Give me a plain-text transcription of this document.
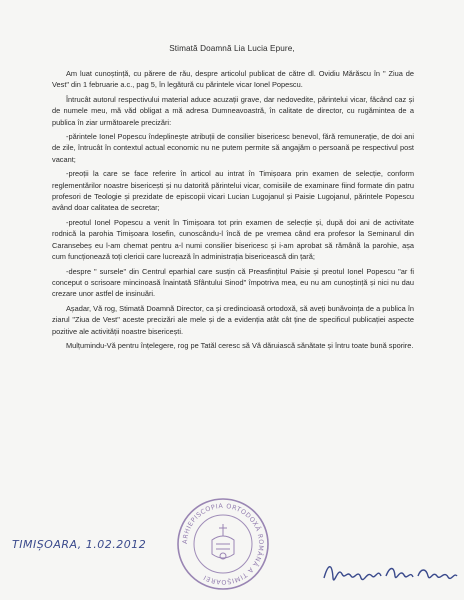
Stimată Doamnă Lia Lucia Epure,

Am luat cunoștință, cu părere de rău, despre articolul publicat de către dl. Ovidiu Mărăscu în " Ziua de Vest" din 1 februarie a.c., pag 5, în legătură cu părintele vicar Ionel Popescu.

Întrucât autorul respectivului material aduce acuzații grave, dar nedovedite, părintelui vicar, făcând caz și de numele meu, mă văd obligat a mă adresa Dumneavoastră, în calitate de director, cu rugămintea de a publica în ziar următoarele precizări:

-părintele Ionel Popescu îndeplinește atribuții de consilier bisericesc benevol, fără remunerație, de doi ani de zile, întrucât în contextul actual economic nu ne putem permite să angajăm o persoană pe respectivul post vacant;

-preoții la care se face referire în articol au intrat în Timișoara prin examen de selecție, conform reglementărilor noastre bisericești și nu datorită părintelui vicar, comisiile de examinare fiind formate din patru profesori de Teologie și prezidate de episcopii vicari Lucian Lugojanul și Paisie Lugojanul, părintele Popescu având doar calitatea de secretar;

-preotul Ionel Popescu a venit în Timișoara tot prin examen de selecție și, după doi ani de activitate rodnică la parohia Timișoara Iosefin, cunoscându-l încă de pe vremea când era profesor la Seminarul din Caransebeș eu l-am chemat pentru a-l numi consilier bisericesc și i-am aprobat să rămână la parohie, așa cum funcționează toți clericii care lucrează în administrația bisericească din țară;

-despre " sursele" din Centrul eparhial care susțin că Preasfințitul Paisie și preotul Ionel Popescu "ar fi conceput o scrisoare mincinoasă înaintată Sfântului Sinod" împotriva mea, eu nu am cunoștință și nici nu dau crezare unor astfel de insinuări.

Așadar, Vă rog, Stimată Doamnă Director, ca și credincioasă ortodoxă, să aveți bunăvoința de a publica în ziarul "Ziua de Vest" aceste precizări ale mele și de a evidenția atât cât ține de specificul publicației aspecte pozitive ale activității noastre bisericești.

Mulțumindu-Vă pentru înțelegere, rog pe Tatăl ceresc să Vă dăruiască sănătate și întru toate bună sporire.

TIMIȘOARA, 1.02.2012	ARHIEPISCOPIA ORTODOXĂ ROMÂNĂ A TIMIȘOAREI
